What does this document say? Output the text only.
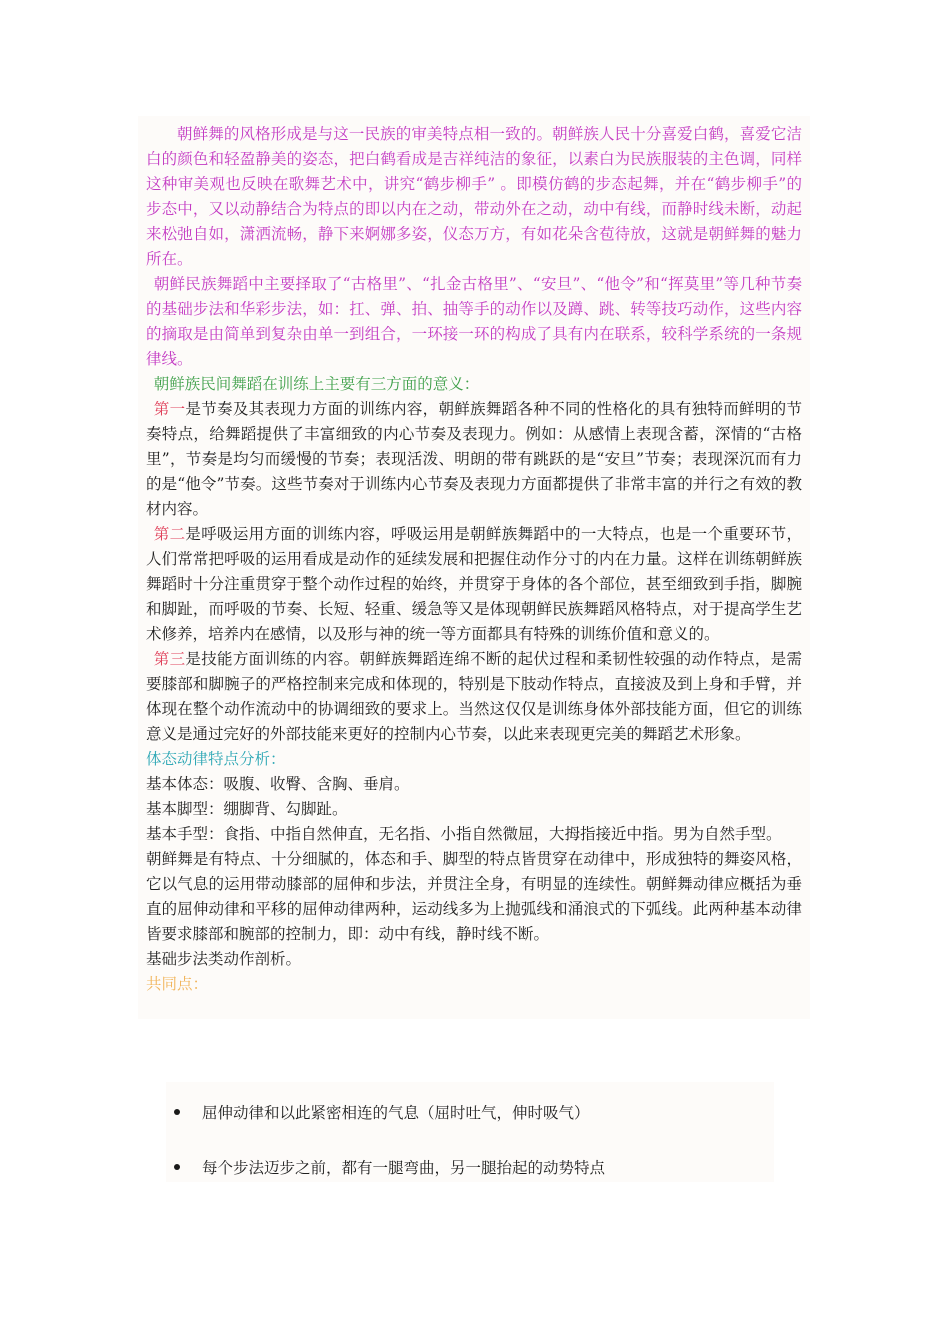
朝鲜舞的风格形成是与这一民族的审美特点相一致的。朝鲜族人民十分喜爱白鹤，喜爱它洁白的颜色和轻盈静美的姿态，把白鹤看成是吉祥纯洁的象征，以素白为民族服装的主色调，同样这种审美观也反映在歌舞艺术中，讲究“鹤步柳手” 。即模仿鹤的步态起舞，并在“鹤步柳手”的步态中，又以动静结合为特点的即以内在之动，带动外在之动，动中有线，而静时线未断，动起来松弛自如，潇洒流畅，静下来婀娜多姿，仪态万方，有如花朵含苞待放，这就是朝鲜舞的魅力所在。

朝鲜民族舞蹈中主要择取了“古格里”、“扎金古格里”、“安旦”、“他令”和“挥莫里”等几种节奏的基础步法和华彩步法，如：扛、弹、拍、抽等手的动作以及蹲、跳、转等技巧动作，这些内容的摘取是由简单到复杂由单一到组合，一环接一环的构成了具有内在联系，较科学系统的一条规律线。

朝鲜族民间舞蹈在训练上主要有三方面的意义：

第一是节奏及其表现力方面的训练内容，朝鲜族舞蹈各种不同的性格化的具有独特而鲜明的节奏特点，给舞蹈提供了丰富细致的内心节奏及表现力。例如：从感情上表现含蓄，深情的“古格里”，节奏是均匀而缓慢的节奏；表现活泼、明朗的带有跳跃的是“安旦”节奏；表现深沉而有力的是“他令”节奏。这些节奏对于训练内心节奏及表现力方面都提供了非常丰富的并行之有效的教材内容。

第二是呼吸运用方面的训练内容，呼吸运用是朝鲜族舞蹈中的一大特点，也是一个重要环节，人们常常把呼吸的运用看成是动作的延续发展和把握住动作分寸的内在力量。这样在训练朝鲜族舞蹈时十分注重贯穿于整个动作过程的始终，并贯穿于身体的各个部位，甚至细致到手指，脚腕和脚趾，而呼吸的节奏、长短、轻重、缓急等又是体现朝鲜民族舞蹈风格特点，对于提高学生艺术修养，培养内在感情，以及形与神的统一等方面都具有特殊的训练价值和意义的。

第三是技能方面训练的内容。朝鲜族舞蹈连绵不断的起伏过程和柔韧性较强的动作特点，是需要膝部和脚腕子的严格控制来完成和体现的，特别是下肢动作特点，直接波及到上身和手臂，并体现在整个动作流动中的协调细致的要求上。当然这仅仅是训练身体外部技能方面，但它的训练意义是通过完好的外部技能来更好的控制内心节奏，以此来表现更完美的舞蹈艺术形象。

体态动律特点分析：

基本体态：吸腹、收臀、含胸、垂肩。

基本脚型：绷脚背、勾脚趾。

基本手型：食指、中指自然伸直，无名指、小指自然微屈，大拇指接近中指。男为自然手型。

朝鲜舞是有特点、十分细腻的，体态和手、脚型的特点皆贯穿在动律中，形成独特的舞姿风格，它以气息的运用带动膝部的屈伸和步法，并贯注全身，有明显的连续性。朝鲜舞动律应概括为垂直的屈伸动律和平移的屈伸动律两种，运动线多为上抛弧线和涌浪式的下弧线。此两种基本动律皆要求膝部和腕部的控制力，即：动中有线，静时线不断。

基础步法类动作剖析。

共同点：

屈伸动律和以此紧密相连的气息（屈时吐气，伸时吸气）
每个步法迈步之前，都有一腿弯曲，另一腿抬起的动势特点
